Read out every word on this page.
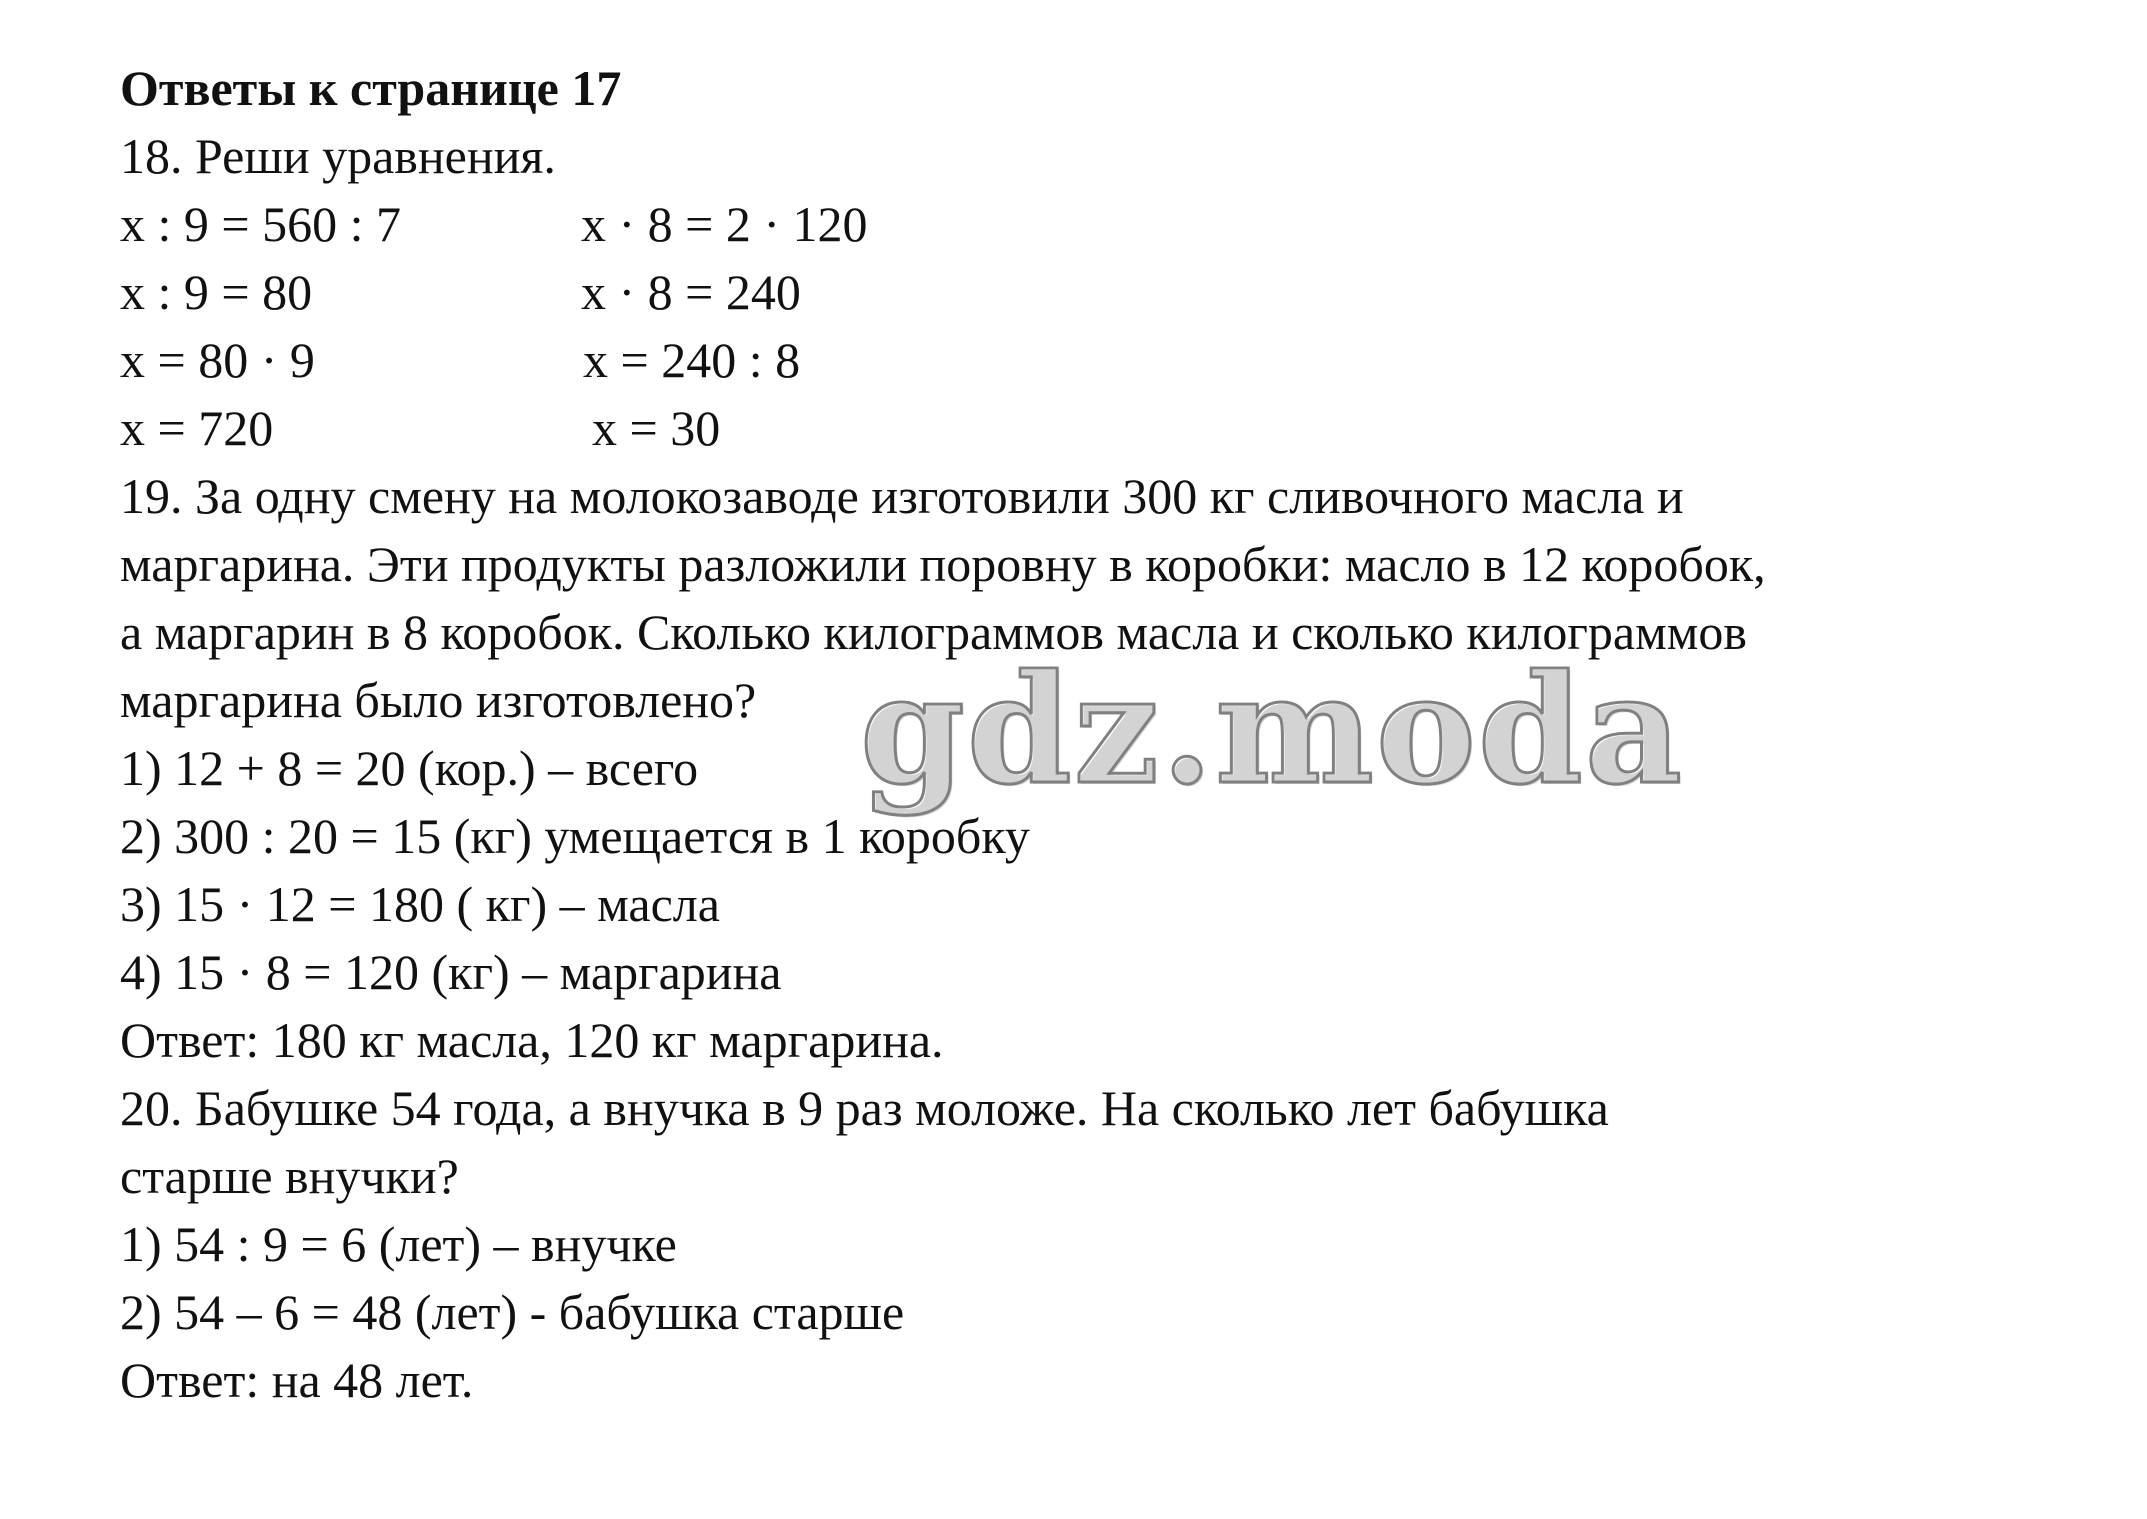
Ответы к странице 17

18. Реши уравнения.

x : 9 = 560 : 7	x · 8 = 2 · 120

x : 9 = 80	x · 8 = 240

x = 80 · 9	x = 240 : 8

x = 720	x = 30

19. За одну смену на молокозаводе изготовили 300 кг сливочного масла и

маргарина. Эти продукты разложили поровну в коробки: масло в 12 коробок,

а маргарин в 8 коробок. Сколько килограммов масла и сколько килограммов

маргарина было изготовлено?

1) 12 + 8 = 20 (кор.) – всего

2) 300 : 20 = 15 (кг) умещается в 1 коробку

3) 15 · 12 = 180 ( кг) – масла

4) 15 · 8 = 120 (кг) – маргарина

Ответ: 180 кг масла, 120 кг маргарина.

20. Бабушке 54 года, а внучка в 9 раз моложе. На сколько лет бабушка

старше внучки?

1) 54 : 9 = 6 (лет) – внучке

2) 54 – 6 = 48 (лет) - бабушка старше

Ответ: на 48 лет.

gdz.moda
